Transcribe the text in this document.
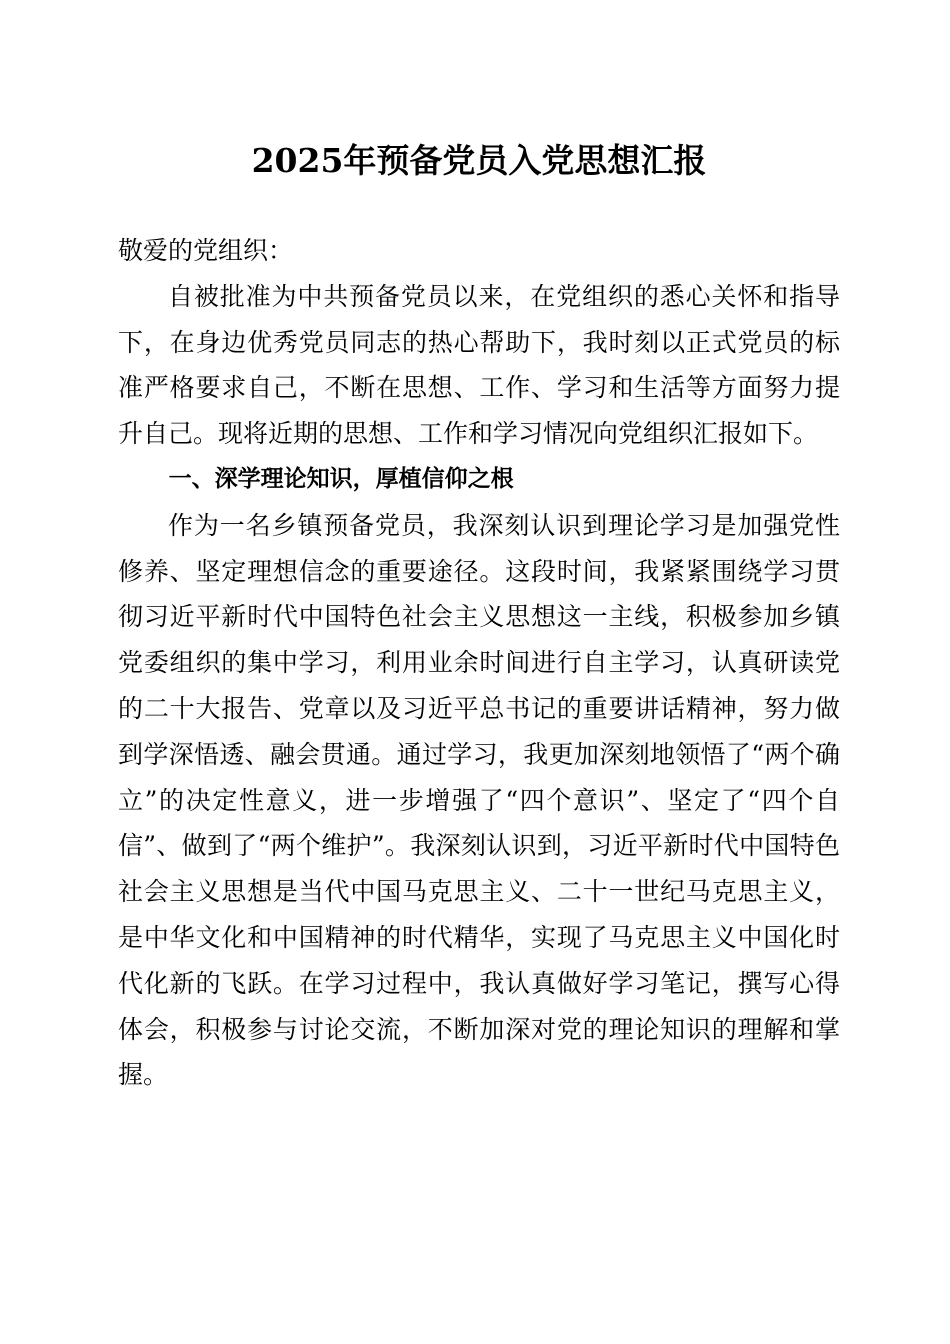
2025年预备党员入党思想汇报

敬爱的党组织：

自被批准为中共预备党员以来，在党组织的悉心关怀和指导下，在身边优秀党员同志的热心帮助下，我时刻以正式党员的标准严格要求自己，不断在思想、工作、学习和生活等方面努力提升自己。现将近期的思想、工作和学习情况向党组织汇报如下。

一、深学理论知识，厚植信仰之根

作为一名乡镇预备党员，我深刻认识到理论学习是加强党性修养、坚定理想信念的重要途径。这段时间，我紧紧围绕学习贯彻习近平新时代中国特色社会主义思想这一主线，积极参加乡镇党委组织的集中学习，利用业余时间进行自主学习，认真研读党的二十大报告、党章以及习近平总书记的重要讲话精神，努力做到学深悟透、融会贯通。通过学习，我更加深刻地领悟了“两个确立”的决定性意义，进一步增强了“四个意识”、坚定了“四个自信”、做到了“两个维护”。我深刻认识到，习近平新时代中国特色社会主义思想是当代中国马克思主义、二十一世纪马克思主义，是中华文化和中国精神的时代精华，实现了马克思主义中国化时代化新的飞跃。在学习过程中，我认真做好学习笔记，撰写心得体会，积极参与讨论交流，不断加深对党的理论知识的理解和掌握。
